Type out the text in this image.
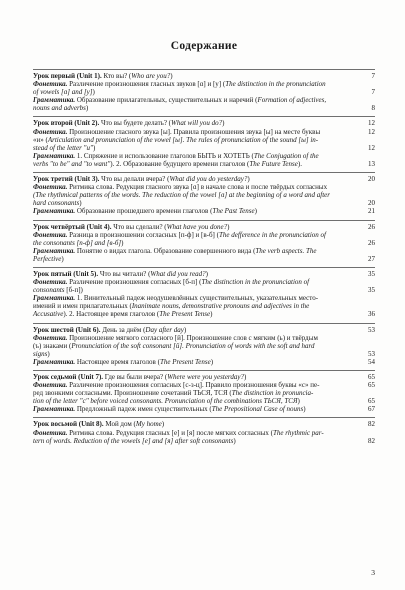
Содержание
Урок первый (Unit 1). Кто вы? (Who are you?)	7
Фонетика. Различение произношения гласных звуков [ɑ] и [у] (The distinction in the pronunciation
of vowels [ɑ] and [у])	7
Грамматика. Образование прилагательных, существительных и наречий (Formation of adjectives,
nouns and adverbs)	8
Урок второй (Unit 2). Что вы будете делать? (What will you do?)	12
Фонетика. Произношение гласного звука [ы]. Правила произношения звука [ы] на месте буквы	12
«и» (Articulation and pronunciation of the vowel [ы]. The rules of pronunciation of the sound [ы] in-
stead of the letter "и")	12
Грамматика. 1. Спряжение и использование глаголов БЫТЬ и ХОТЕТЬ (The Conjugation of the
verbs "to be" and "to want"). 2. Образование будущего времени глаголов (The Future Tense).	13
Урок третий (Unit 3). Что вы делали вчера? (What did you do yesterday?)	20
Фонетика. Ритмика слова. Редукция гласного звука [ɑ] в начале слова и после твёрдых согласных
(The rhythmical patterns of the words. The reduction of the vowel [ɑ] at the beginning of a word and after
hard consonants)	20
Грамматика. Образование прошедшего времени глаголов (The Past Tense)	21
Урок четвёртый (Unit 4). Что вы сделали? (What have you done?)	26
Фонетика. Разница в произношении согласных [п-ф] и [в-б] (The defference in the pronunciation of
the consonants [п-ф] and [в-б])	26
Грамматика. Понятие о видах глагола. Образование совершенного вида (The verb aspects. The
Perfective)	27
Урок пятый (Unit 5). Что вы читали? (What did you read?)	35
Фонетика. Различение произношения согласных [б-п] (The distinction in the pronunciation of
consonants [б-п])	35
Грамматика. 1. Винительный падеж неодушевлённых существительных, указательных место-
имений и имен прилагательных (Inanimate nouns, demonstrative pronouns and adjectives in the
Accusative). 2. Настоящее время глаголов (The Present Tense)	36
Урок шестой (Unit 6). День за днём (Day after day)	53
Фонетика. Произношение мягкого согласного [й]. Произношение слов с мягким (ь) и твёрдым
(ъ) знаками (Pronunciation of the soft consonant [й]. Pronunciation of words with the soft and hard
signs)	53
Грамматика. Настоящее время глаголов (The Present Tense)	54
Урок седьмой (Unit 7). Где вы были вчера? (Where were you yesterday?)	65
Фонетика. Различение произношения согласных [с-з-ц]. Правило произношения буквы «с» пе-	65
ред звонкими согласными. Произношение сочетаний ТЬСЯ, ТСЯ (The distinction in pronuncia-
tion of the letter "с" before voiced consonants. Pronunciation of the combinations ТЬСЯ, ТСЯ)	65
Грамматика. Предложный падеж имен существительных (The Prepositional Case of nouns)	67
Урок восьмой (Unit 8). Мой дом (My home)	82
Фонетика. Ритмика слова. Редукция гласных [е] и [я] после мягких согласных (The rhythmic par-
tern of words. Reduction of the vowels [е] and [я] after soft consonants)	82
3
